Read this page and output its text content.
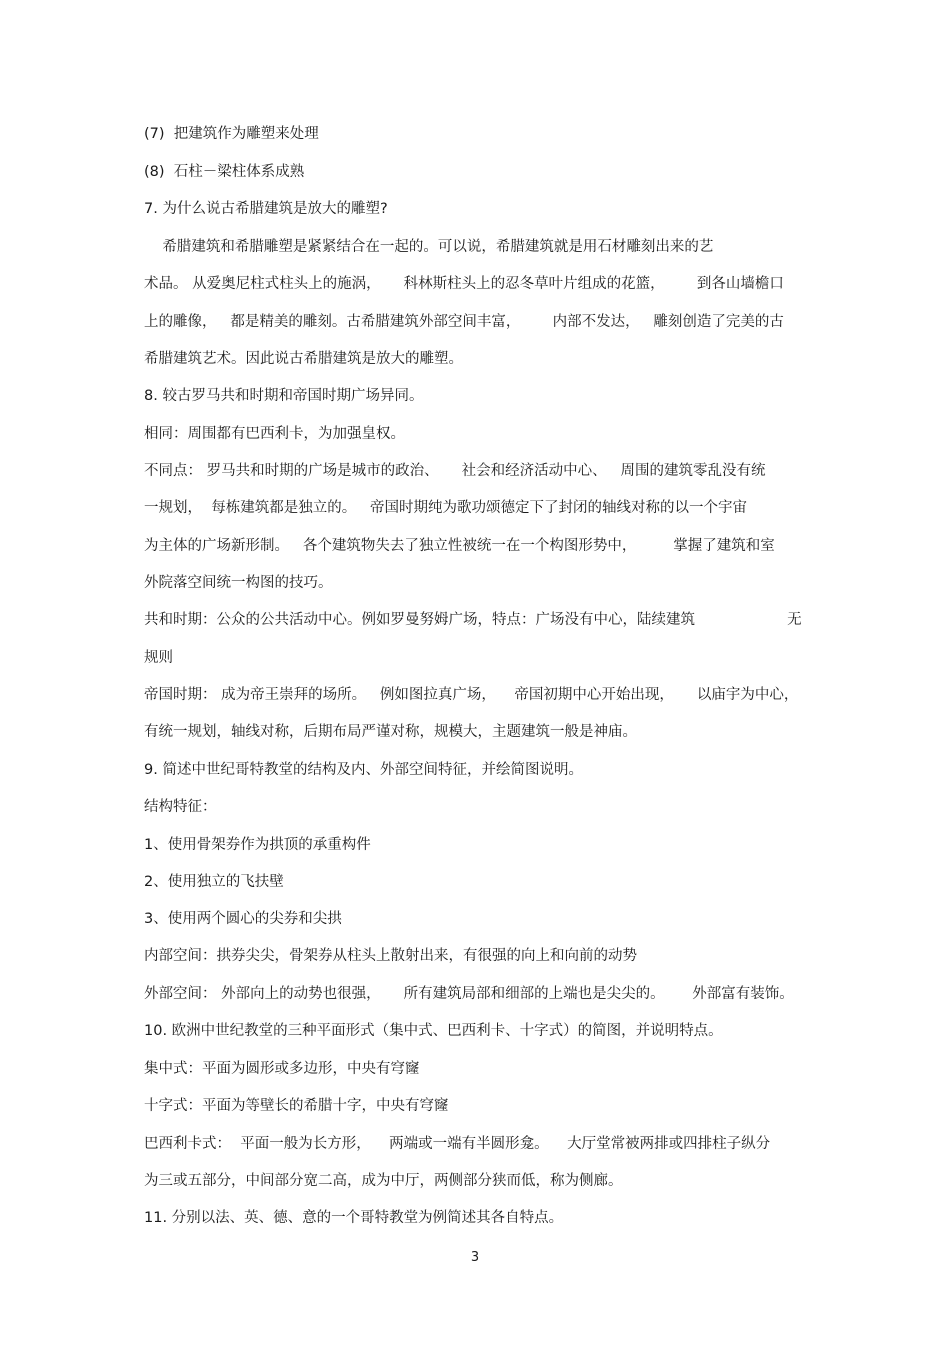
(7)  把建筑作为雕塑来处理
(8)  石柱－梁柱体系成熟
7. 为什么说古希腊建筑是放大的雕塑?
希腊建筑和希腊雕塑是紧紧结合在一起的。可以说，希腊建筑就是用石材雕刻出来的艺
术品。 从爱奥尼柱式柱头上的施涡，     科林斯柱头上的忍冬草叶片组成的花篮，       到各山墙檐口
上的雕像，   都是精美的雕刻。古希腊建筑外部空间丰富，       内部不发达，   雕刻创造了完美的古
希腊建筑艺术。因此说古希腊建筑是放大的雕塑。
8. 较古罗马共和时期和帝国时期广场异同。
相同：周围都有巴西利卡，为加强皇权。
不同点： 罗马共和时期的广场是城市的政治、     社会和经济活动中心、   周围的建筑零乱没有统
一规划，  每栋建筑都是独立的。   帝国时期纯为歌功颂德定下了封闭的轴线对称的以一个宇宙
为主体的广场新形制。   各个建筑物失去了独立性被统一在一个构图形势中，        掌握了建筑和室
外院落空间统一构图的技巧。
共和时期：公众的公共活动中心。例如罗曼努姆广场，特点：广场没有中心，陆续建筑                    无
规则
帝国时期： 成为帝王崇拜的场所。   例如图拉真广场，    帝国初期中心开始出现，     以庙宇为中心，
有统一规划，轴线对称，后期布局严谨对称，规模大，主题建筑一般是神庙。
9. 简述中世纪哥特教堂的结构及内、外部空间特征，并绘简图说明。
结构特征：
1、使用骨架券作为拱顶的承重构件
2、使用独立的飞扶壁
3、使用两个圆心的尖券和尖拱
内部空间：拱券尖尖，骨架券从柱头上散射出来，有很强的向上和向前的动势
外部空间： 外部向上的动势也很强，     所有建筑局部和细部的上端也是尖尖的。      外部富有装饰。
10. 欧洲中世纪教堂的三种平面形式（集中式、巴西利卡、十字式）的简图，并说明特点。
集中式：平面为圆形或多边形，中央有穹窿
十字式：平面为等壁长的希腊十字，中央有穹窿
巴西利卡式：  平面一般为长方形，    两端或一端有半圆形龛。    大厅堂常被两排或四排柱子纵分
为三或五部分，中间部分宽二高，成为中厅，两侧部分狭而低，称为侧廊。
11. 分别以法、英、德、意的一个哥特教堂为例简述其各自特点。
3
